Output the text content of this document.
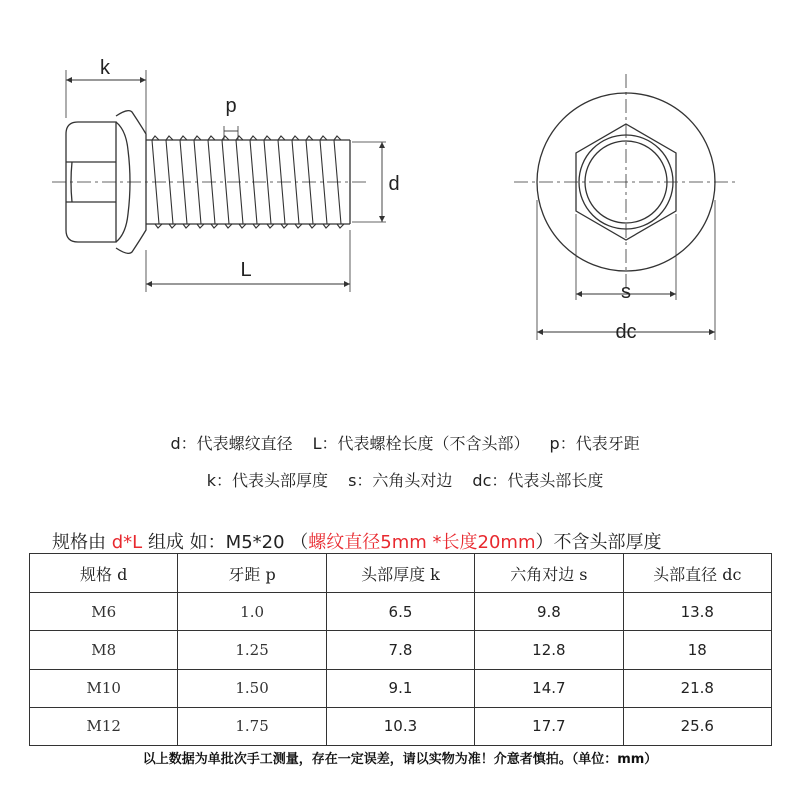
k
p
d
L
s
dc

d：代表螺纹直径 L：代表螺栓长度（不含头部） p：代表牙距

k：代表头部厚度 s：六角头对边 dc：代表头部长度

规格由 d*L 组成 如：M5*20 （螺纹直径5mm *长度20mm）不含头部厚度
规格 d	牙距 p	头部厚度 k	六角对边 s	头部直径 dc
M6	1.0	6.5	9.8	13.8
M8	1.25	7.8	12.8	18
M10	1.50	9.1	14.7	21.8
M12	1.75	10.3	17.7	25.6
以上数据为单批次手工测量，存在一定误差，请以实物为准！介意者慎拍。（单位：mm）
